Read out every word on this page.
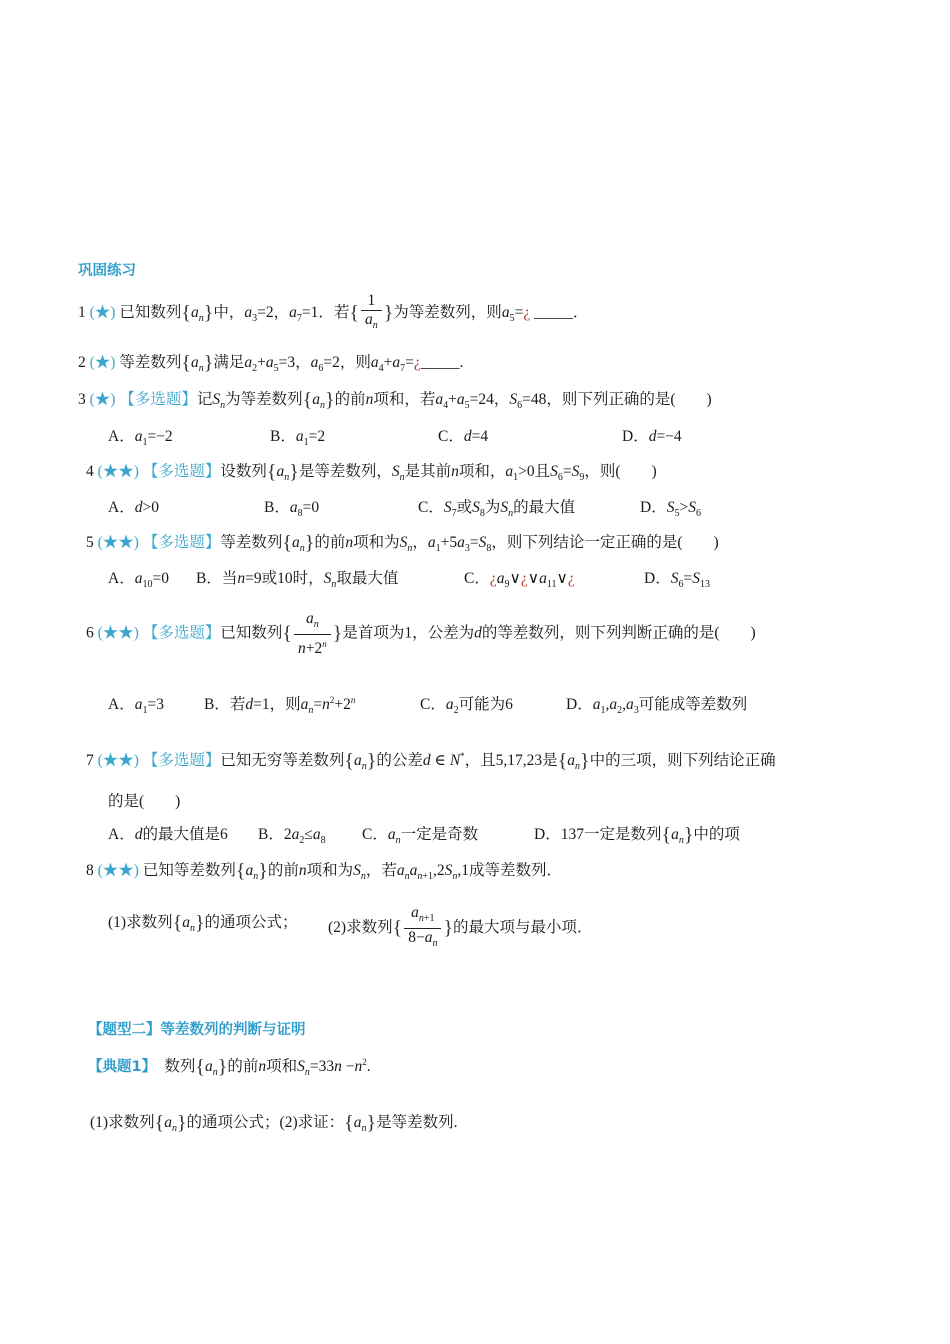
巩固练习
1 (★) 已知数列$\{a_n\}$中，$a_3=2$，$a_7=1$．若{ $\frac{1}{a_n}$ }为等差数列，则$a_5=¿$ _____．
2 (★) 等差数列$\{a_n\}$满足$a_2+a_5=3$，$a_6=2$，则$a_4+a_7=¿\_\_\_\_\_$.
3 (★) 【多选题】记$S_n$为等差数列$\{a_n\}$的前n项和，若$a_4+a_5=24$，$S_6=48$，则下列正确的是(　　)
A．$a_1=-2$	B．$a_1=2$	C．d=4	D．d=−4
4 (★★) 【多选题】设数列$\{a_n\}$是等差数列，$S_n$是其前n项和，$a_1>0$且$S_6=S_9$，则(　　)
A．d>0	B．$a_8=0$	C．$S_7$或$S_8$为$S_n$的最大值	D．$S_5>S_6$
5 (★★) 【多选题】等差数列$\{a_n\}$的前n项和为$S_n$，$a_1+5a_3=S_8$，则下列结论一定正确的是(　　)
A．$a_{10}=0$ B．当n=9或10时，$S_n$取最大值	C．¿$a_9\vee¿\vee a_{11}\vee¿$	D．$S_6=S_{13}$
6 (★★) 【多选题】已知数列{ $\frac{a_n}{n+2^n}$ }是首项为1，公差为d的等差数列，则下列判断正确的是(　　)
A．$a_1=3$	B．若d=1，则$a_n=n^2+2^n$	C．$a_2$可能为6	D．$a_1,a_2,a_3$可能成等差数列
7 (★★) 【多选题】已知无穷等差数列$\{a_n\}$的公差d ∈ N*，且5,17,23是$\{a_n\}$中的三项，则下列结论正确
的是(　　)
A．d的最大值是6 B．$2a_2\le a_8$ C．$a_n$一定是奇数	D．137一定是数列$\{a_n\}$中的项
8 (★★) 已知等差数列$\{a_n\}$的前n项和为$S_n$，若$a_na_{n+1},2S_n,1$成等差数列．
(1)求数列$\{a_n\}$的通项公式； (2)求数列{ $\frac{a_{n+1}}{8-a_n}$ }的最大项与最小项．
【题型二】等差数列的判断与证明
【典题1】　数列$\{a_n\}$的前n项和$S_n=33n -n^2$.
(1)求数列$\{a_n\}$的通项公式；(2)求证：$\{a_n\}$是等差数列.
